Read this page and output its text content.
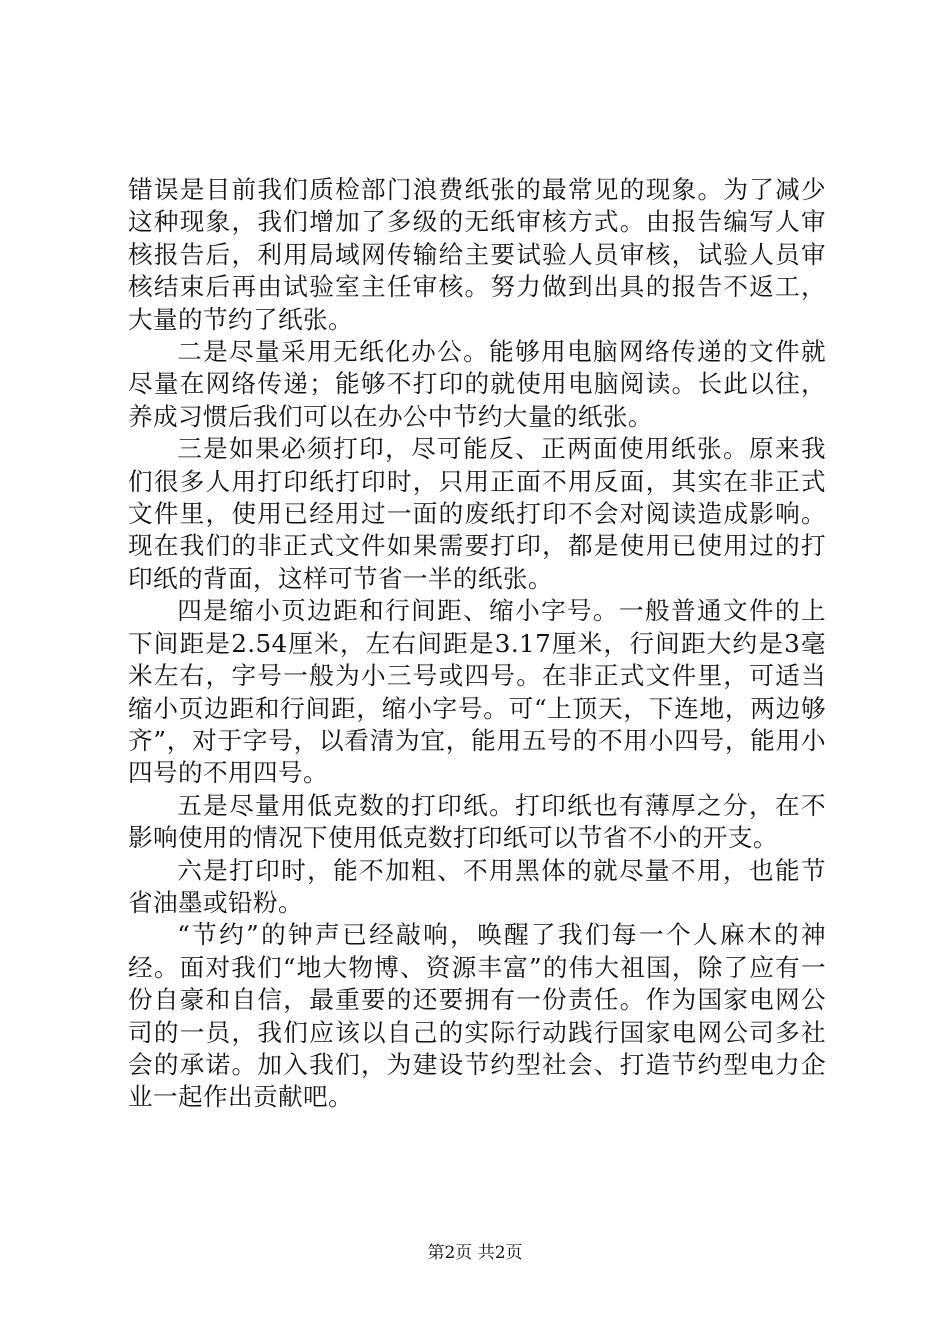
错误是目前我们质检部门浪费纸张的最常见的现象。为了减少这种现象，我们增加了多级的无纸审核方式。由报告编写人审核报告后，利用局域网传输给主要试验人员审核，试验人员审核结束后再由试验室主任审核。努力做到出具的报告不返工，大量的节约了纸张。

二是尽量采用无纸化办公。能够用电脑网络传递的文件就尽量在网络传递；能够不打印的就使用电脑阅读。长此以往，养成习惯后我们可以在办公中节约大量的纸张。

三是如果必须打印，尽可能反、正两面使用纸张。原来我们很多人用打印纸打印时，只用正面不用反面，其实在非正式文件里，使用已经用过一面的废纸打印不会对阅读造成影响。现在我们的非正式文件如果需要打印，都是使用已使用过的打印纸的背面，这样可节省一半的纸张。

四是缩小页边距和行间距、缩小字号。一般普通文件的上下间距是2.54厘米，左右间距是3.17厘米，行间距大约是3毫米左右，字号一般为小三号或四号。在非正式文件里，可适当缩小页边距和行间距，缩小字号。可“上顶天，下连地，两边够齐”，对于字号，以看清为宜，能用五号的不用小四号，能用小四号的不用四号。

五是尽量用低克数的打印纸。打印纸也有薄厚之分，在不影响使用的情况下使用低克数打印纸可以节省不小的开支。

六是打印时，能不加粗、不用黑体的就尽量不用，也能节省油墨或铅粉。

“节约”的钟声已经敲响，唤醒了我们每一个人麻木的神经。面对我们“地大物博、资源丰富”的伟大祖国，除了应有一份自豪和自信，最重要的还要拥有一份责任。作为国家电网公司的一员，我们应该以自己的实际行动践行国家电网公司多社会的承诺。加入我们，为建设节约型社会、打造节约型电力企业一起作出贡献吧。

第2页 共2页
